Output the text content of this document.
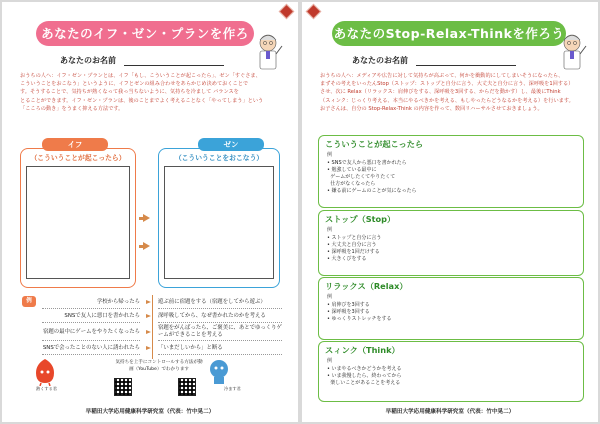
あなたのイフ・ゼン・プランを作ろう
あなたのお名前
おうちの人へ：イフ・ゼン・プランとは、イフ「もし、こういうことが起こったら」、ゼン「すぐさま、
こういうことをおこなう」というように、イフとゼンの組み合わせをあらかじめ決めておくことで
す。そうすることで、気持ちが熱くなって我っ当ちないように、気持ちを冷まして バランスを
とることができます。イフ・ゼン・プランは、後のことまでよく考えることなく「やってしまう」という
「こころの動き」をうまく抑える方法です。
（こういうことが起こったら）
イフ
（こういうことをおこなう）
ゼン
例	学校から帰ったら
SNSで友人に悪口を書かれたら
宿題の最中にゲームをやりたくなったら
SNSで会ったことのない人に誘われたら
遊ぶ前に宿題をする（宿題をしてから遊ぶ）
深呼吸してから、なぜ書かれたのかを考える
宿題をがんばったら、ご褒美に、あとでゆっくりゲームができることを考える
「いまだしいから」と断る
熱くする君
気持ちを上手にコントロールする方法が動画（YouTube）でわかります
冷ます君
早稲田大学応用健康科学研究室（代表：竹中晃二）
あなたのStop-Relax-Thinkを作ろう
あなたのお名前
おうちの人へ：メディアや広告に対して気持ちが高ぶって、何かを衝動的にしてしまいそうになったら、
まずその考えをいったんStop（ストップ：ストップと自分に言う、大丈夫と自分に言う、深呼吸を1回する）
させ、次に Relax（リラックス：肩伸びをする、深呼吸を3回する、からだを動かす）し、最後にThink
（スィンク：じっくり考える、本当にやるべきかを考える、もしやったらどうなるかを考える）を行います。
お子さんは、自分の Stop-Relax-Think の内容を作って、数回リハーサルさせておきましょう。
こういうことが起こったら
例
• SNSで友人から悪口を書かれたら
• 勉強している最中に
ゲームがしたくてやりたくて
仕方がなくなったら
• 嫌る前にゲームのことが気になったら
ストップ（Stop）
例
• ストップと自分に言う
• 大丈夫と自分に言う
• 深呼吸を1回だけする
• 大きくびをする
リラックス（Relax）
例
• 肩伸びを3回する
• 深呼吸を3回する
• ゆっくりストレッチをする
スィンク（Think）
例
• いまやるべきかどうかを考える
• いま我慢したら、終わってから
楽しいことがあることを考える
早稲田大学応用健康科学研究室（代表：竹中晃二）
